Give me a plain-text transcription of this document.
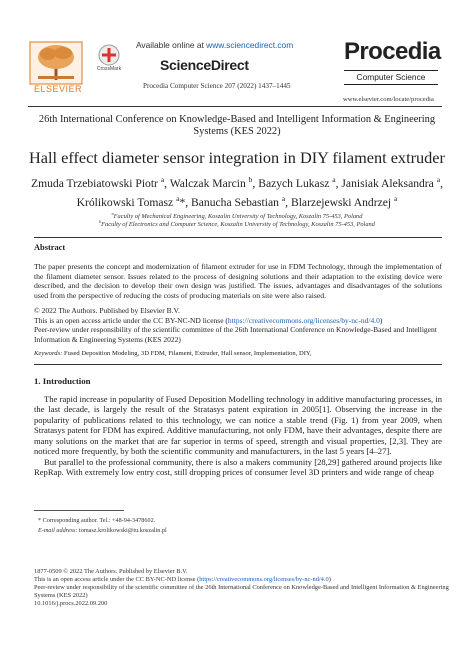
ELSEVIER
CrossMark
Available online at www.sciencedirect.com
ScienceDirect
Procedia Computer Science 207 (2022) 1437–1445
Procedia
Computer Science
www.elsevier.com/locate/procedia
26th International Conference on Knowledge-Based and Intelligent Information & Engineering
Systems (KES 2022)
Hall effect diameter sensor integration in DIY filament extruder
Zmuda Trzebiatowski Piotr $^a$, Walczak Marcin $^b$, Bazych Lukasz $^a$, Janisiak Aleksandra $^a$,
Królikowski Tomasz $^a$*, Banucha Sebastian $^a$, Blarzejewski Andrzej $^a$
$^a$Faculty of Mechanical Engineering, Koszalin University of Technology, Koszalin 75-453, Poland
$^b$Faculty of Electronics and Computer Science, Koszalin University of Technology, Koszalin 75-453, Poland
Abstract
The paper presents the concept and modernization of filament extruder for use in FDM Technology, through the implementation of the filament diameter sensor. Issues related to the process of designing solutions and their adaptation to the existing device were described, and the decision to develop their own design was justified. The issues, advantages and disadvantages of the solutions used from the perspective of reducing the costs of producing materials on site were also raised.
© 2022 The Authors. Published by Elsevier B.V.
This is an open access article under the CC BY-NC-ND license (https://creativecommons.org/licenses/by-nc-nd/4.0)
Peer-review under responsibility of the scientific committee of the 26th International Conference on Knowledge-Based and Intelligent Information & Engineering Systems (KES 2022)
Keywords: Fused Deposition Modeling, 3D FDM, Filament, Extruder, Hall sensor, Implementation, DIY,
1. Introduction
The rapid increase in popularity of Fused Deposition Modelling technology in additive manufacturing processes, in the last decade, is largely the result of the Stratasys patent expiration in 2005[1]. Observing the increase in the popularity of publications related to this technology, we can notice a stable trend (Fig. 1) from year 2009, when Stratasys patent for FDM has expired. Additive manufacturing, not only FDM, have their advantages, despite there are many solutions on the market that are far superior in terms of speed, strength and visual properties, [2,3]. They are noticed more frequently, by both the scientific community and manufacturers, in the last 5 years [4–27].
But parallel to the professional community, there is also a makers community [28,29] gathered around projects like RepRap. With extremely low entry cost, still dropping prices of consumer level 3D printers and wide range of cheap
* Corresponding author. Tel.: +48-94-3478602.
E-mail address: tomasz.krolikowski@tu.koszalin.pl
1877-0509 © 2022 The Authors. Published by Elsevier B.V.
This is an open access article under the CC BY-NC-ND license (https://creativecommons.org/licenses/by-nc-nd/4.0)
Peer-review under responsibility of the scientific committee of the 26th International Conference on Knowledge-Based and Intelligent Information & Engineering Systems (KES 2022)
10.1016/j.procs.2022.09.200
